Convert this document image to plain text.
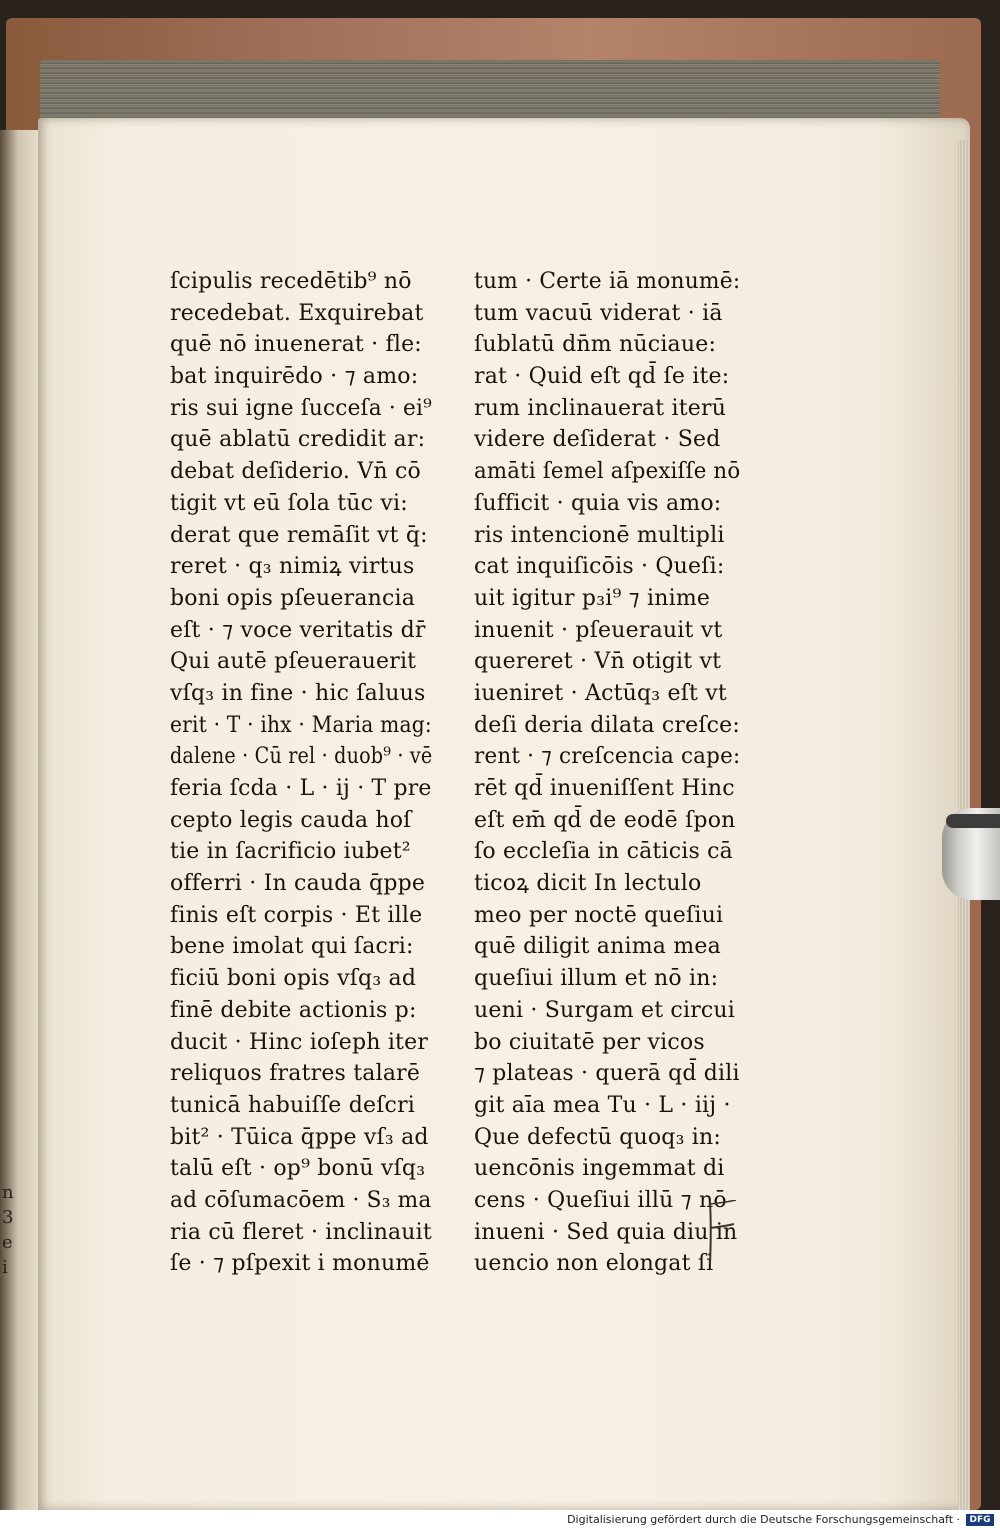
n
3
e
i
ſcipulis recedētib⁹ nō
recedebat. Exquirebat
quē nō inuenerat · fle:
bat inquirēdo · ⁊ amo:
ris sui igne ſucceſa · ei⁹
quē ablatū credidit ar:
debat deſiderio. Vn̄ cō
tigit vt eū ſola tūc vi:
derat que remāſit vt q̄:
reret · q₃ nimiꝝ virtus
boni opis pſeuerancia
eſt · ⁊ voce veritatis dr̄
Qui autē pſeuerauerit
vſq₃ in fine · hic ſaluus
erit · T · ihx · Maria mag:
dalene · Cū rel · duob⁹ · vē
feria ſcda · L · ij · T pre
cepto legis cauda hoſ
tie in ſacrificio iubet²
offerri · In cauda q̄ppe
finis eſt corpis · Et ille
bene imolat qui ſacri:
ficiū boni opis vſq₃ ad
finē debite actionis p:
ducit · Hinc ioſeph iter
reliquos fratres talarē
tunicā habuiſſe deſcri
bit² · Tūica q̄ppe vſ₃ ad
talū eſt · op⁹ bonū vſq₃
ad cōſumacōem · S₃ ma
ria cū fleret · inclinauit
ſe · ⁊ pſpexit i monumē
tum · Certe iā monumē:
tum vacuū viderat · iā
ſublatū dn̄m nūciaue:
rat · Quid eſt qd̄ ſe ite:
rum inclinauerat iterū
videre deſiderat · Sed
amāti ſemel aſpexiſſe nō
ſufficit · quia vis amo:
ris intencionē multipli
cat inquiſicōis · Queſi:
uit igitur p₃i⁹ ⁊ inime
inuenit · pſeuerauit vt
quereret · Vn̄ otigit vt
iueniret · Actūq₃ eſt vt
deſi deria dilata creſce:
rent · ⁊ creſcencia cape:
rēt qd̄ inueniſſent Hinc
eſt em̄ qd̄ de eodē ſpon
ſo eccleſia in cāticis cā
ticoꝝ dicit In lectulo
meo per noctē queſiui
quē diligit anima mea
queſiui illum et nō in:
ueni · Surgam et circui
bo ciuitatē per vicos
⁊ plateas · querā qd̄ dili
git aīa mea Tu · L · iij ·
Que defectū quoq₃ in:
uencōnis ingemmat di
cens · Queſiui illū ⁊ nō
inueni · Sed quia diu in
uencio non elongat ſi
Digitalisierung gefördert durch die Deutsche Forschungsgemeinschaft ·	DFG
